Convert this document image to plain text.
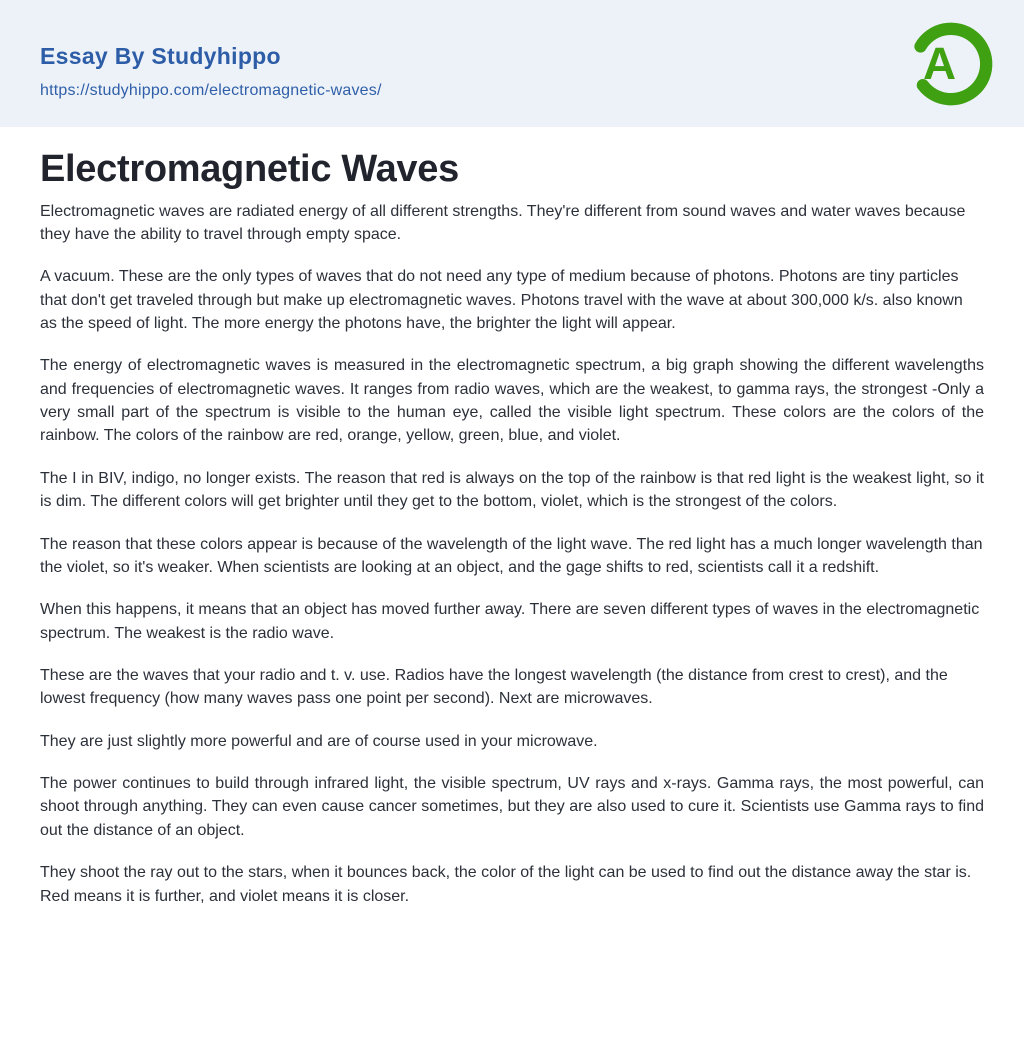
Essay By Studyhippo
https://studyhippo.com/electromagnetic-waves/
A
Electromagnetic Waves

Electromagnetic waves are radiated energy of all different strengths. They're different from sound waves and water waves because they have the ability to travel through empty space.

A vacuum. These are the only types of waves that do not need any type of medium because of photons. Photons are tiny particles that don't get traveled through but make up electromagnetic waves. Photons travel with the wave at about 300,000 k/s. also known as the speed of light. The more energy the photons have, the brighter the light will appear.

The energy of electromagnetic waves is measured in the electromagnetic spectrum, a big graph showing the different wavelengths and frequencies of electromagnetic waves. It ranges from radio waves, which are the weakest, to gamma rays, the strongest -Only a very small part of the spectrum is visible to the human eye, called the visible light spectrum. These colors are the colors of the rainbow. The colors of the rainbow are red, orange, yellow, green, blue, and violet.

The I in BIV, indigo, no longer exists. The reason that red is always on the top of the rainbow is that red light is the weakest light, so it is dim. The different colors will get brighter until they get to the bottom, violet, which is the strongest of the colors.

The reason that these colors appear is because of the wavelength of the light wave. The red light has a much longer wavelength than the violet, so it's weaker. When scientists are looking at an object, and the gage shifts to red, scientists call it a redshift.

When this happens, it means that an object has moved further away. There are seven different types of waves in the electromagnetic spectrum. The weakest is the radio wave.

These are the waves that your radio and t. v. use. Radios have the longest wavelength (the distance from crest to crest), and the lowest frequency (how many waves pass one point per second). Next are microwaves.

They are just slightly more powerful and are of course used in your microwave.

The power continues to build through infrared light, the visible spectrum, UV rays and x-rays. Gamma rays, the most powerful, can shoot through anything. They can even cause cancer sometimes, but they are also used to cure it. Scientists use Gamma rays to find out the distance of an object.

They shoot the ray out to the stars, when it bounces back, the color of the light can be used to find out the distance away the star is. Red means it is further, and violet means it is closer.
